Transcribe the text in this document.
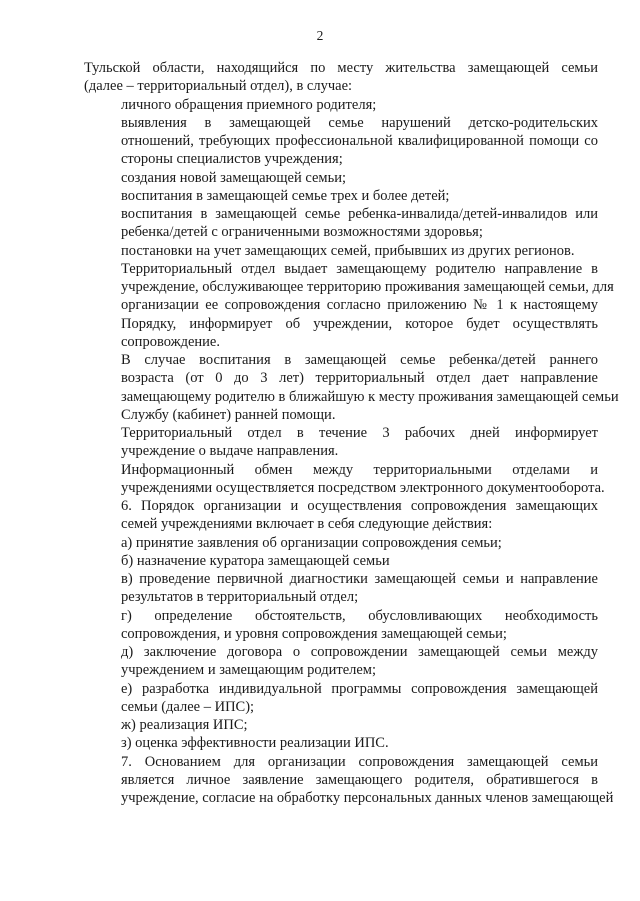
2
Тульской области, находящийся по месту жительства замещающей семьи
(далее – территориальный отдел), в случае:
личного обращения приемного родителя;
выявления в замещающей семье нарушений детско-родительских
отношений, требующих профессиональной квалифицированной помощи со
стороны специалистов учреждения;
создания новой замещающей семьи;
воспитания в замещающей семье трех и более детей;
воспитания в замещающей семье ребенка-инвалида/детей-инвалидов или
ребенка/детей с ограниченными возможностями здоровья;
постановки на учет замещающих семей, прибывших из других регионов.
Территориальный отдел выдает замещающему родителю направление в
учреждение, обслуживающее территорию проживания замещающей семьи, для
организации ее сопровождения согласно приложению № 1 к настоящему
Порядку, информирует об учреждении, которое будет осуществлять
сопровождение.
В случае воспитания в замещающей семье ребенка/детей раннего
возраста (от 0 до 3 лет) территориальный отдел дает направление
замещающему родителю в ближайшую к месту проживания замещающей семьи
Службу (кабинет) ранней помощи.
Территориальный отдел в течение 3 рабочих дней информирует
учреждение о выдаче направления.
Информационный обмен между территориальными отделами и
учреждениями осуществляется посредством электронного документооборота.
6. Порядок организации и осуществления сопровождения замещающих
семей учреждениями включает в себя следующие действия:
а) принятие заявления об организации сопровождения семьи;
б) назначение куратора замещающей семьи
в) проведение первичной диагностики замещающей семьи и направление
результатов в территориальный отдел;
г) определение обстоятельств, обусловливающих необходимость
сопровождения, и уровня сопровождения замещающей семьи;
д) заключение договора о сопровождении замещающей семьи между
учреждением и замещающим родителем;
е) разработка индивидуальной программы сопровождения замещающей
семьи (далее – ИПС);
ж) реализация ИПС;
з) оценка эффективности реализации ИПС.
7. Основанием для организации сопровождения замещающей семьи
является личное заявление замещающего родителя, обратившегося в
учреждение, согласие на обработку персональных данных членов замещающей
